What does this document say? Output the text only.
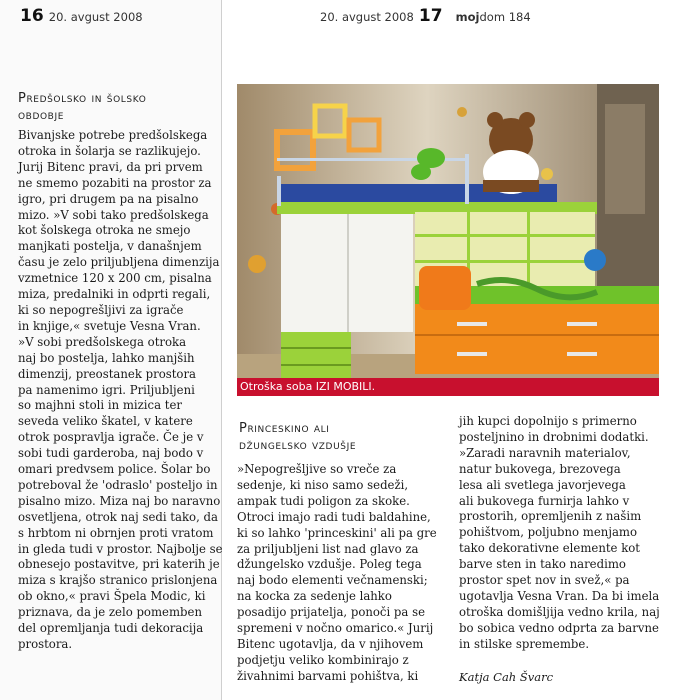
16 20. avgust 2008
Predšolsko in šolsko
obdobje
Bivanjske potrebe predšolskega
otroka in šolarja se razlikujejo.
Jurij Bitenc pravi, da pri prvem
ne smemo pozabiti na prostor za
igro, pri drugem pa na pisalno
mizo. »V sobi tako predšolskega
kot šolskega otroka ne smejo
manjkati postelja, v današnjem
času je zelo priljubljena dimenzija
vzmetnice 120 x 200 cm, pisalna
miza, predalniki in odprti regali,
ki so nepogrešljivi za igrače
in knjige,« svetuje Vesna Vran.
»V sobi predšolskega otroka
naj bo postelja, lahko manjših
dimenzij, preostanek prostora
pa namenimo igri. Priljubljeni
so majhni stoli in mizica ter
seveda veliko škatel, v katere
otrok pospravlja igrače. Če je v
sobi tudi garderoba, naj bodo v
omari predvsem police. Šolar bo
potreboval že 'odraslo' posteljo in
pisalno mizo. Miza naj bo naravno
osvetljena, otrok naj sedi tako, da
s hrbtom ni obrnjen proti vratom
in gleda tudi v prostor. Najbolje se
obnesejo postavitve, pri katerih je
miza s krajšo stranico prislonjena
ob okno,« pravi Špela Modic, ki
priznava, da je zelo pomemben
del opremljanja tudi dekoracija
prostora.
20. avgust 2008 17 mojdom 184
Otroška soba IZI MOBILI.
Princeskino ali
džungelsko vzdušje
»Nepogrešljive so vreče za
sedenje, ki niso samo sedeži,
ampak tudi poligon za skoke.
Otroci imajo radi tudi baldahine,
ki so lahko 'princeskini' ali pa gre
za priljubljeni list nad glavo za
džungelsko vzdušje. Poleg tega
naj bodo elementi večnamenski;
na kocka za sedenje lahko
posadijo prijatelja, ponoči pa se
spremeni v nočno omarico.« Jurij
Bitenc ugotavlja, da v njihovem
podjetju veliko kombinirajo z
živahnimi barvami pohištva, ki
jih kupci dopolnijo s primerno
posteljnino in drobnimi dodatki.
»Zaradi naravnih materialov,
natur bukovega, brezovega
lesa ali svetlega javorjevega
ali bukovega furnirja lahko v
prostorih, opremljenih z našim
pohištvom, poljubno menjamo
tako dekorativne elemente kot
barve sten in tako naredimo
prostor spet nov in svež,« pa
ugotavlja Vesna Vran. Da bi imela
otroška domišljija vedno krila, naj
bo sobica vedno odprta za barvne
in stilske spremembe.
Katja Cah Švarc
